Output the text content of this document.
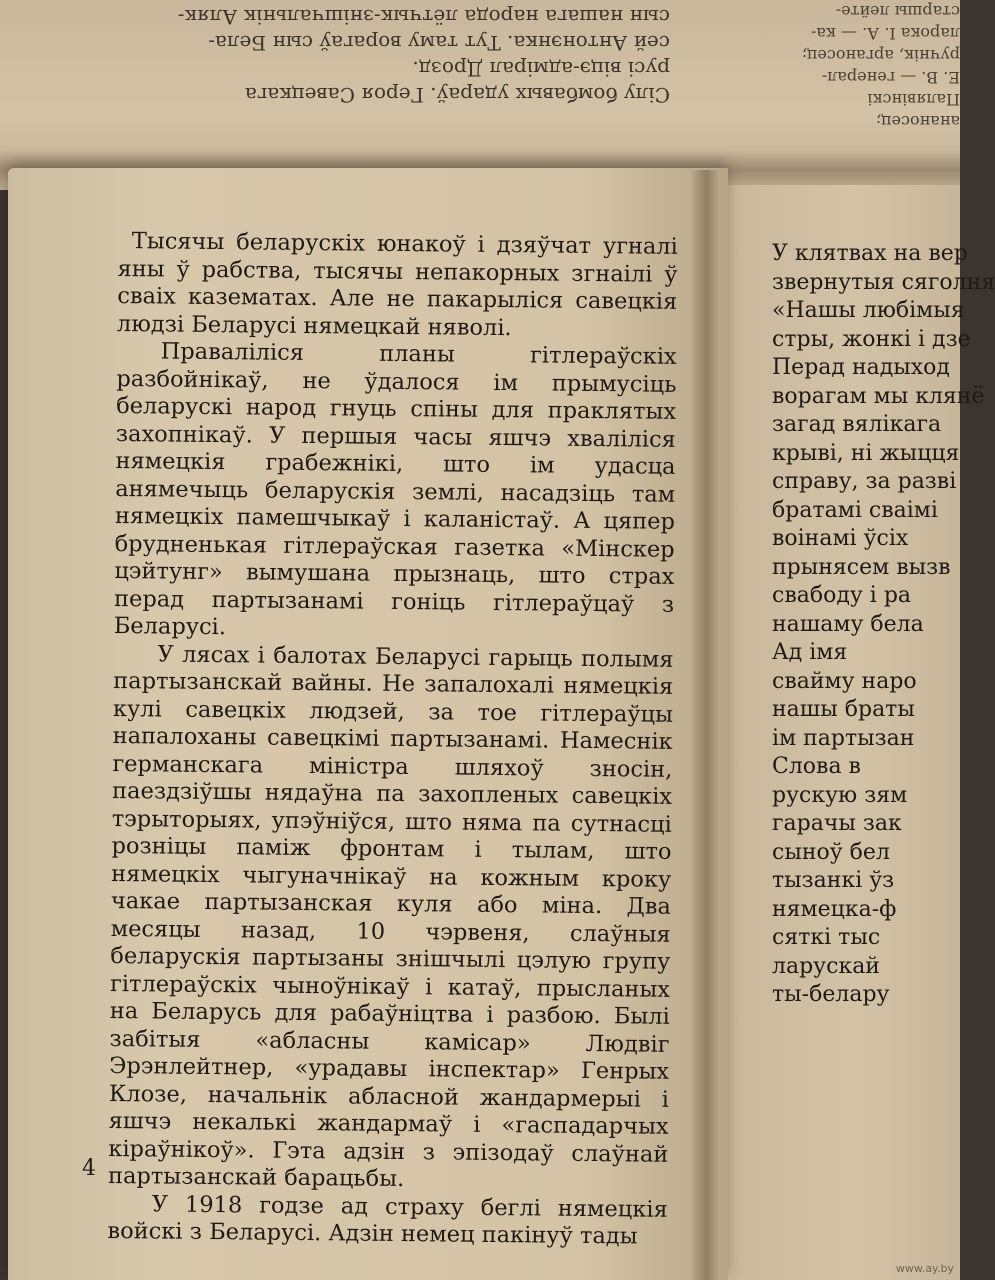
Сілу бомбавых удараў. Героя Савецкага
русі віцэ-адмірал Дрозд.
сей Антонэнка. Тут таму ворагаў сын Бела-
сын нашага народа лётчык-знішчальнік Аляк-
ананосец;
Палявінскі
Е. В. — генерал-
ручнік, арганосец;
ларока І. А. — ка-
старшы лейте-

Тысячы беларускіх юнакоў і дзяўчат угналі яны ў рабства, тысячы непакорных згнаілі ў сваіх казематах. Але не пакарыліся савецкія людзі Беларусі нямецкай няволі.

Праваліліся планы гітлераўскіх разбойнікаў, не ўдалося ім прымусіць беларускі народ гнуць спіны для праклятых захопнікаў. У першыя часы яшчэ хваліліся нямецкія грабежнікі, што ім удасца анямечыць беларускія землі, насадзіць там нямецкіх памешчыкаў і каланістаў. А цяпер брудненькая гітлераўская газетка «Мінскер цэйтунг» вымушана прызнаць, што страх перад партызанамі гоніць гітлераўцаў з Беларусі.

У лясах і балотах Беларусі гарыць полымя партызанскай вайны. Не запалохалі нямецкія кулі савецкіх людзей, за тое гітлераўцы напалоханы савецкімі партызанамі. Намеснік германскага міністра шляхоў зносін, паездзіўшы нядаўна па захопленых савецкіх тэрыторыях, упэўніўся, што няма па сутнасці розніцы паміж фронтам і тылам, што нямецкіх чыгуначнікаў на кожным кроку чакае партызанская куля або міна. Два месяцы назад, 10 чэрвеня, слаўныя беларускія партызаны знішчылі цэлую групу гітлераўскіх чыноўнікаў і катаў, прысланых на Беларусь для рабаўніцтва і разбою. Былі забітыя «абласны камісар» Людвіг Эрэнлейтнер, «урадавы інспектар» Генрых Клозе, начальнік абласной жандармерыі і яшчэ некалькі жандармаў і «гаспадарчых кіраўнікоў». Гэта адзін з эпізодаў слаўнай партызанскай барацьбы.

У 1918 годзе ад страху беглі нямецкія войскі з Беларусі. Адзін немец пакінуў тады

У клятвах на вер
звернутыя сяголня
«Нашы любімыя
стры, жонкі і дзе
Перад надыход
ворагам мы клянё
загад вялікага
крыві, ні жыцця
справу, за разві
братамі сваімі
воінамі ўсіх
прынясем вызв
свабоду і ра
нашаму бела
Ад імя
свайму наро
нашы браты
ім партызан
Слова в
рускую зям
гарачы зак
сыноў бел
тызанкі ўз
нямецка-ф
сяткі тыс
ларускай
ты-белару
4
www.ay.by
